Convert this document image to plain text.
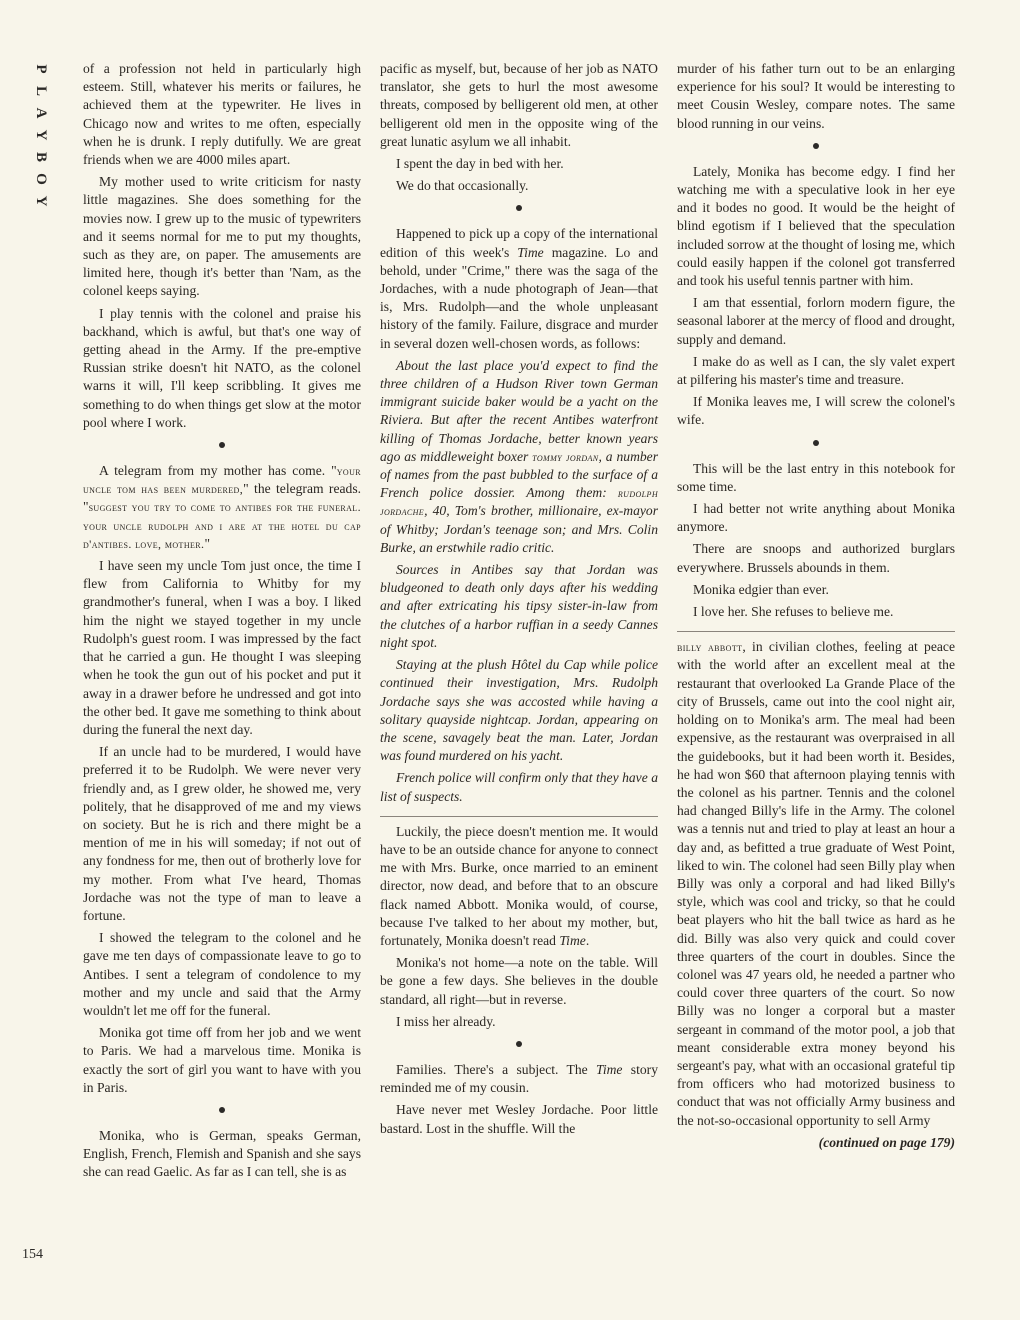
P
L
A
Y
B
O
Y
154

of a profession not held in particularly high esteem. Still, whatever his merits or failures, he achieved them at the typewriter. He lives in Chicago now and writes to me often, especially when he is drunk. I reply dutifully. We are great friends when we are 4000 miles apart.

My mother used to write criticism for nasty little magazines. She does something for the movies now. I grew up to the music of typewriters and it seems normal for me to put my thoughts, such as they are, on paper. The amusements are limited here, though it's better than 'Nam, as the colonel keeps saying.

I play tennis with the colonel and praise his backhand, which is awful, but that's one way of getting ahead in the Army. If the pre-emptive Russian strike doesn't hit NATO, as the colonel warns it will, I'll keep scribbling. It gives me something to do when things get slow at the motor pool where I work.

A telegram from my mother has come. "your uncle tom has been murdered," the telegram reads. "suggest you try to come to antibes for the funeral. your uncle rudolph and i are at the hotel du cap d'antibes. love, mother."

I have seen my uncle Tom just once, the time I flew from California to Whitby for my grandmother's funeral, when I was a boy. I liked him the night we stayed together in my uncle Rudolph's guest room. I was impressed by the fact that he carried a gun. He thought I was sleeping when he took the gun out of his pocket and put it away in a drawer before he undressed and got into the other bed. It gave me something to think about during the funeral the next day.

If an uncle had to be murdered, I would have preferred it to be Rudolph. We were never very friendly and, as I grew older, he showed me, very politely, that he disapproved of me and my views on society. But he is rich and there might be a mention of me in his will someday; if not out of any fondness for me, then out of brotherly love for my mother. From what I've heard, Thomas Jordache was not the type of man to leave a fortune.

I showed the telegram to the colonel and he gave me ten days of compassionate leave to go to Antibes. I sent a telegram of condolence to my mother and my uncle and said that the Army wouldn't let me off for the funeral.

Monika got time off from her job and we went to Paris. We had a marvelous time. Monika is exactly the sort of girl you want to have with you in Paris.

Monika, who is German, speaks German, English, French, Flemish and Spanish and she says she can read Gaelic. As far as I can tell, she is as

pacific as myself, but, because of her job as NATO translator, she gets to hurl the most awesome threats, composed by belligerent old men, at other belligerent old men in the opposite wing of the great lunatic asylum we all inhabit.

I spent the day in bed with her.

We do that occasionally.

Happened to pick up a copy of the international edition of this week's Time magazine. Lo and behold, under "Crime," there was the saga of the Jordaches, with a nude photograph of Jean—that is, Mrs. Rudolph—and the whole unpleasant history of the family. Failure, disgrace and murder in several dozen well-chosen words, as follows:

About the last place you'd expect to find the three children of a Hudson River town German immigrant suicide baker would be a yacht on the Riviera. But after the recent Antibes waterfront killing of Thomas Jordache, better known years ago as middleweight boxer tommy jordan, a number of names from the past bubbled to the surface of a French police dossier. Among them: rudolph jordache, 40, Tom's brother, millionaire, ex-mayor of Whitby; Jordan's teenage son; and Mrs. Colin Burke, an erstwhile radio critic.

Sources in Antibes say that Jordan was bludgeoned to death only days after his wedding and after extricating his tipsy sister-in-law from the clutches of a harbor ruffian in a seedy Cannes night spot.

Staying at the plush Hôtel du Cap while police continued their investigation, Mrs. Rudolph Jordache says she was accosted while having a solitary quayside nightcap. Jordan, appearing on the scene, savagely beat the man. Later, Jordan was found murdered on his yacht.

French police will confirm only that they have a list of suspects.

Luckily, the piece doesn't mention me. It would have to be an outside chance for anyone to connect me with Mrs. Burke, once married to an eminent director, now dead, and before that to an obscure flack named Abbott. Monika would, of course, because I've talked to her about my mother, but, fortunately, Monika doesn't read Time.

Monika's not home—a note on the table. Will be gone a few days. She believes in the double standard, all right—but in reverse.

I miss her already.

Families. There's a subject. The Time story reminded me of my cousin.

Have never met Wesley Jordache. Poor little bastard. Lost in the shuffle. Will the

murder of his father turn out to be an enlarging experience for his soul? It would be interesting to meet Cousin Wesley, compare notes. The same blood running in our veins.

Lately, Monika has become edgy. I find her watching me with a speculative look in her eye and it bodes no good. It would be the height of blind egotism if I believed that the speculation included sorrow at the thought of losing me, which could easily happen if the colonel got transferred and took his useful tennis partner with him.

I am that essential, forlorn modern figure, the seasonal laborer at the mercy of flood and drought, supply and demand.

I make do as well as I can, the sly valet expert at pilfering his master's time and treasure.

If Monika leaves me, I will screw the colonel's wife.

This will be the last entry in this notebook for some time.

I had better not write anything about Monika anymore.

There are snoops and authorized burglars everywhere. Brussels abounds in them.

Monika edgier than ever.

I love her. She refuses to believe me.

billy abbott, in civilian clothes, feeling at peace with the world after an excellent meal at the restaurant that overlooked La Grande Place of the city of Brussels, came out into the cool night air, holding on to Monika's arm. The meal had been expensive, as the restaurant was overpraised in all the guidebooks, but it had been worth it. Besides, he had won $60 that afternoon playing tennis with the colonel as his partner. Tennis and the colonel had changed Billy's life in the Army. The colonel was a tennis nut and tried to play at least an hour a day and, as befitted a true graduate of West Point, liked to win. The colonel had seen Billy play when Billy was only a corporal and had liked Billy's style, which was cool and tricky, so that he could beat players who hit the ball twice as hard as he did. Billy was also very quick and could cover three quarters of the court in doubles. Since the colonel was 47 years old, he needed a partner who could cover three quarters of the court. So now Billy was no longer a corporal but a master sergeant in command of the motor pool, a job that meant considerable extra money beyond his sergeant's pay, what with an occasional grateful tip from officers who had motorized business to conduct that was not officially Army business and the not-so-occasional opportunity to sell Army

(continued on page 179)
